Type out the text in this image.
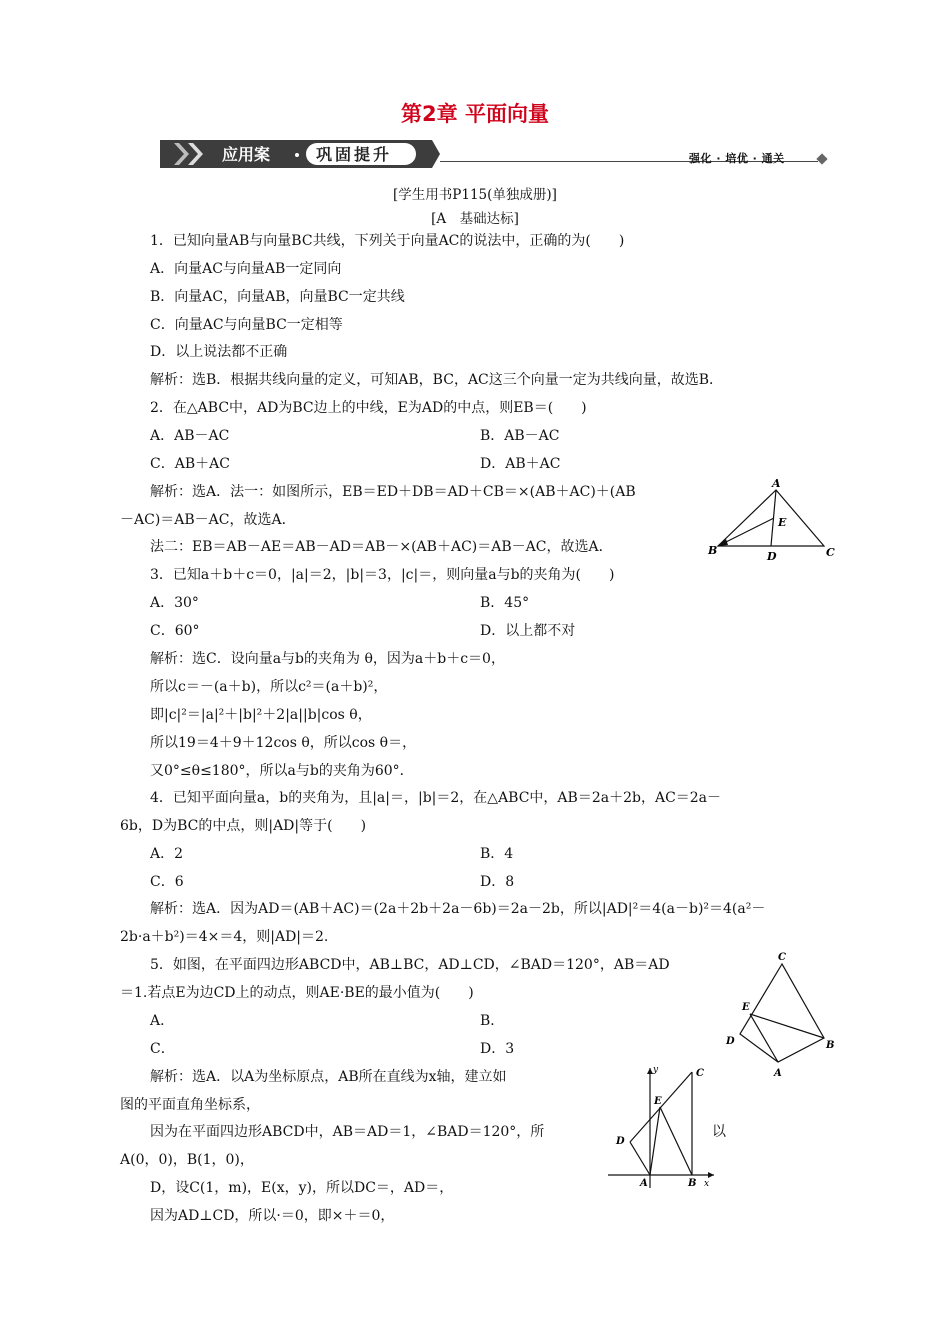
第2章 平面向量
应用案	巩固提升	强化 · 培优 · 通关
[学生用书P115(单独成册)]
[A　基础达标]
1．已知向量AB与向量BC共线，下列关于向量AC的说法中，正确的为(　　)
A．向量AC与向量AB一定同向
B．向量AC，向量AB，向量BC一定共线
C．向量AC与向量BC一定相等
D．以上说法都不正确
解析：选B．根据共线向量的定义，可知AB，BC，AC这三个向量一定为共线向量，故选B．
2．在△ABC中，AD为BC边上的中线，E为AD的中点，则EB＝(　　)
A．AB－AC	B．AB－AC
C．AB＋AC	D．AB＋AC
解析：选A．法一：如图所示，EB＝ED＋DB＝AD＋CB＝×(AB＋AC)＋(AB
－AC)＝AB－AC，故选A．
法二：EB＝AB－AE＝AB－AD＝AB－×(AB＋AC)＝AB－AC，故选A．
A
B	C
D
E
3．已知a＋b＋c＝0，|a|＝2，|b|＝3，|c|＝，则向量a与b的夹角为(　　)
A．30°	B．45°
C．60°	D．以上都不对
解析：选C．设向量a与b的夹角为 θ，因为a＋b＋c＝0，
所以c＝－(a＋b)，所以c²＝(a＋b)²，
即|c|²＝|a|²＋|b|²＋2|a||b|cos θ，
所以19＝4＋9＋12cos θ，所以cos θ＝，
又0°≤θ≤180°，所以a与b的夹角为60°．
4．已知平面向量a，b的夹角为，且|a|＝，|b|＝2，在△ABC中，AB＝2a＋2b，AC＝2a－
6b，D为BC的中点，则|AD|等于(　　)
A．2	B．4
C．6	D．8
解析：选A．因为AD＝(AB＋AC)＝(2a＋2b＋2a－6b)＝2a－2b，所以|AD|²＝4(a－b)²＝4(a²－
2b·a＋b²)＝4×＝4，则|AD|＝2.
5．如图，在平面四边形ABCD中，AB⊥BC，AD⊥CD，∠BAD＝120°，AB＝AD
＝1.若点E为边CD上的动点，则AE·BE的最小值为(　　)
A．	B．
C．	D．3
解析：选A．以A为坐标原点，AB所在直线为x轴，建立如
图的平面直角坐标系，
因为在平面四边形ABCD中，AB＝AD＝1，∠BAD＝120°，所	以
A(0，0)，B(1，0)，
D，设C(1，m)，E(x，y)，所以DC＝，AD＝，
因为AD⊥CD，所以·＝0，即×＋＝0，
C
E
D	B
A
y	C
E
D
A	B x
